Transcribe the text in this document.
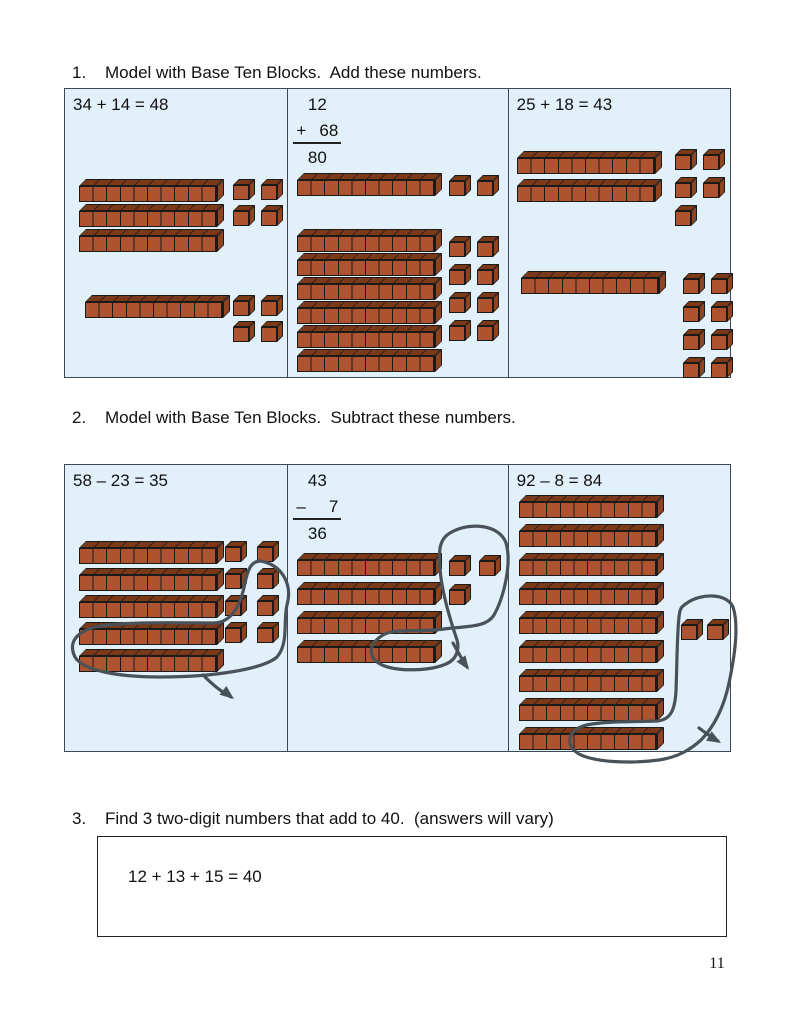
1.	Model with Base Ten Blocks.  Add these numbers.
34 + 14 = 48	12
+ 68
80
25 + 18 = 43
2.	Model with Base Ten Blocks.  Subtract these numbers.
58 – 23 = 35	43
– 7
36
92 – 8 = 84
3.	Find 3 two-digit numbers that add to 40.  (answers will vary)
12 + 13 + 15 = 40
11
